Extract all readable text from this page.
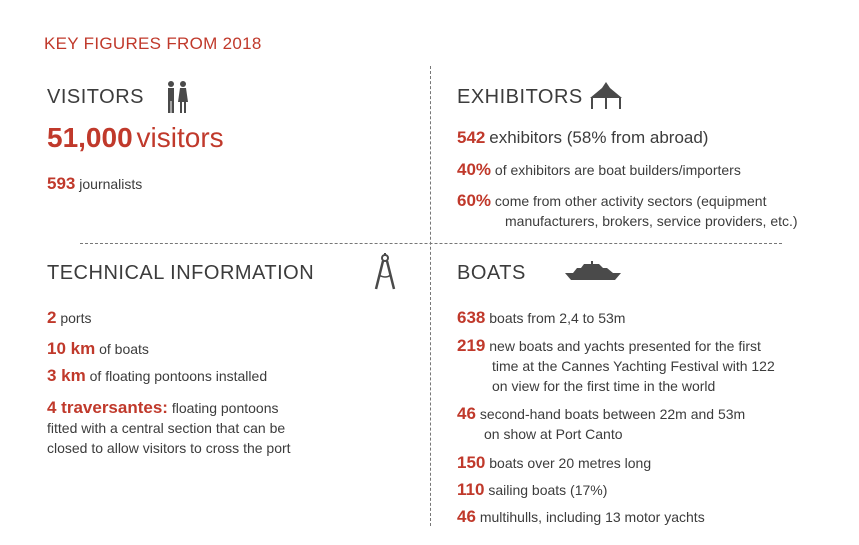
KEY FIGURES FROM 2018
VISITORS
51,000 visitors
593 journalists
EXHIBITORS
542 exhibitors (58% from abroad)
40% of exhibitors are boat builders/importers
60% come from other activity sectors (equipment
manufacturers, brokers, service providers, etc.)
TECHNICAL INFORMATION
2 ports
10 km of boats
3 km of floating pontoons installed
4 traversantes: floating pontoons
fitted with a central section that can be
closed to allow visitors to cross the port
BOATS
638 boats from 2,4 to 53m
219 new boats and yachts presented for the first
time at the Cannes Yachting Festival with 122
on view for the first time in the world
46 second-hand boats between 22m and 53m
on show at Port Canto
150 boats over 20 metres long
110 sailing boats (17%)
46 multihulls, including 13 motor yachts
